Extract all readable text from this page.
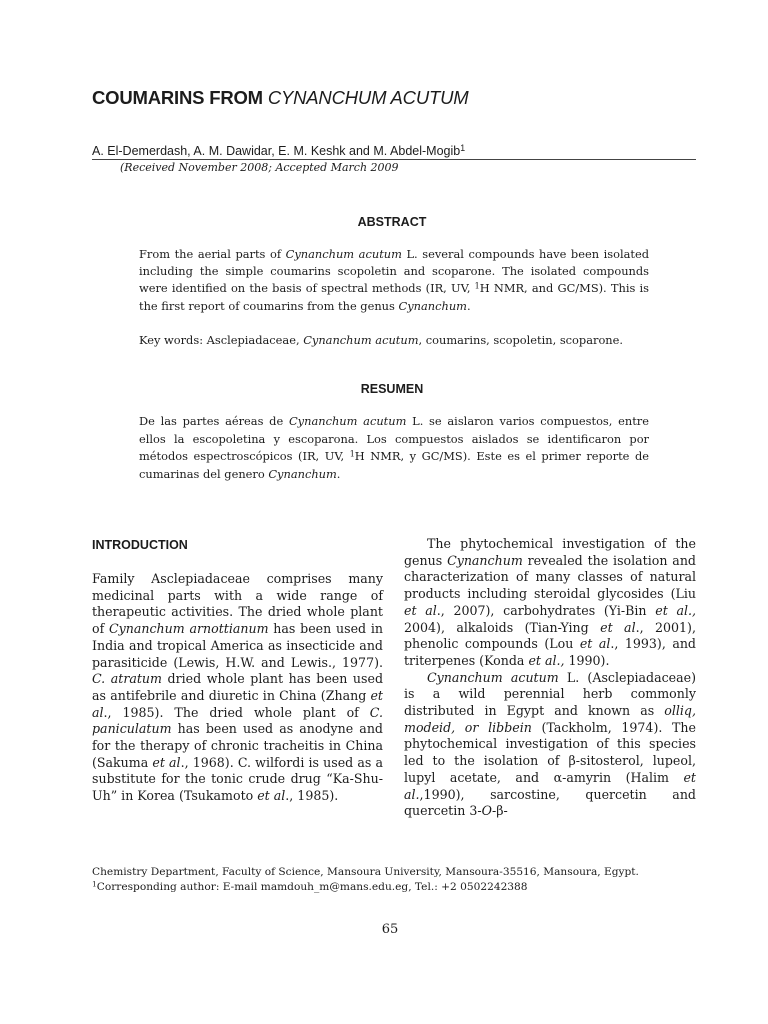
COUMARINS FROM CYNANCHUM ACUTUM
A. El-Demerdash, A. M. Dawidar, E. M. Keshk and M. Abdel-Mogib$^1$
(Received November 2008; Accepted March 2009
ABSTRACT

From the aerial parts of Cynanchum acutum L. several compounds have been isolated including the simple coumarins scopoletin and scoparone. The isolated compounds were identified on the basis of spectral methods (IR, UV, $^1$H NMR, and GC/MS). This is the first report of coumarins from the genus Cynanchum.

Key words: Asclepiadaceae, Cynanchum acutum, coumarins, scopoletin, scoparone.

RESUMEN

De las partes aéreas de Cynanchum acutum L. se aislaron varios compuestos, entre ellos la escopoletina y escoparona. Los compuestos aislados se identificaron por métodos espectroscópicos (IR, UV, $^1$H NMR, y GC/MS). Este es el primer reporte de cumarinas del genero Cynanchum.

INTRODUCTION

Family Asclepiadaceae comprises many medicinal parts with a wide range of therapeutic activities. The dried whole plant of Cynanchum arnottianum has been used in India and tropical America as insecticide and parasiticide (Lewis, H.W. and Lewis., 1977). C. atratum dried whole plant has been used as antifebrile and diuretic in China (Zhang et al., 1985). The dried whole plant of C. paniculatum has been used as anodyne and for the therapy of chronic tracheitis in China (Sakuma et al., 1968). C. wilfordi is used as a substitute for the tonic crude drug “Ka-Shu-Uh” in Korea (Tsukamoto et al., 1985).

The phytochemical investigation of the genus Cynanchum revealed the isolation and characterization of many classes of natural products including steroidal glycosides (Liu et al., 2007), carbohydrates (Yi-Bin et al., 2004), alkaloids (Tian-Ying et al., 2001), phenolic compounds (Lou et al., 1993), and triterpenes (Konda et al., 1990).

Cynanchum acutum L. (Asclepiadaceae) is a wild perennial herb commonly distributed in Egypt and known as olliq, modeid, or libbein (Tackholm, 1974). The phytochemical investigation of this species led to the isolation of β-sitosterol, lupeol, lupyl acetate, and α-amyrin (Halim et al.,1990), sarcostine, quercetin and quercetin 3-O-β-

Chemistry Department, Faculty of Science, Mansoura University, Mansoura-35516, Mansoura, Egypt.
$^1$Corresponding author: E-mail mamdouh_m@mans.edu.eg, Tel.: +2 0502242388
65
